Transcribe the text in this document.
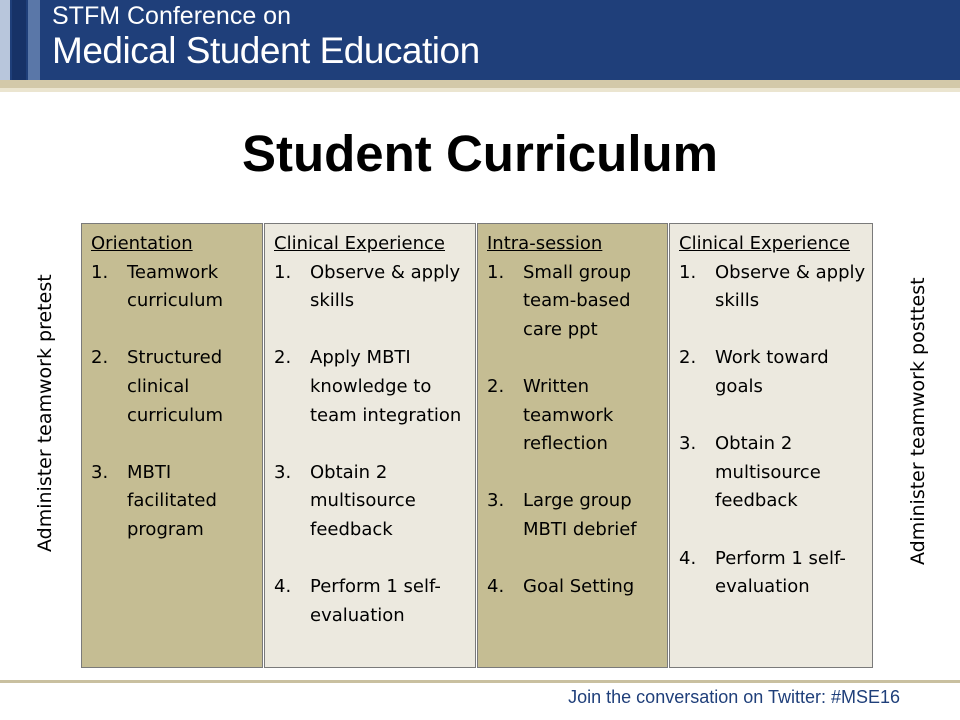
STFM Conference on
Medical Student Education
Student Curriculum
Administer teamwork pretest	Administer teamwork posttest
Orientation
1. Teamwork curriculum
2. Structured clinical curriculum
3. MBTI facilitated program
Clinical Experience
1. Observe & apply skills
2. Apply MBTI knowledge to team integration
3. Obtain 2 multisource feedback
4. Perform 1 self-evaluation
Intra-session
1. Small group team-based care ppt
2. Written teamwork reflection
3. Large group MBTI debrief
4. Goal Setting
Clinical Experience
1. Observe & apply skills
2. Work toward goals
3. Obtain 2 multisource feedback
4. Perform 1 self-evaluation
Join the conversation on Twitter: #MSE16
